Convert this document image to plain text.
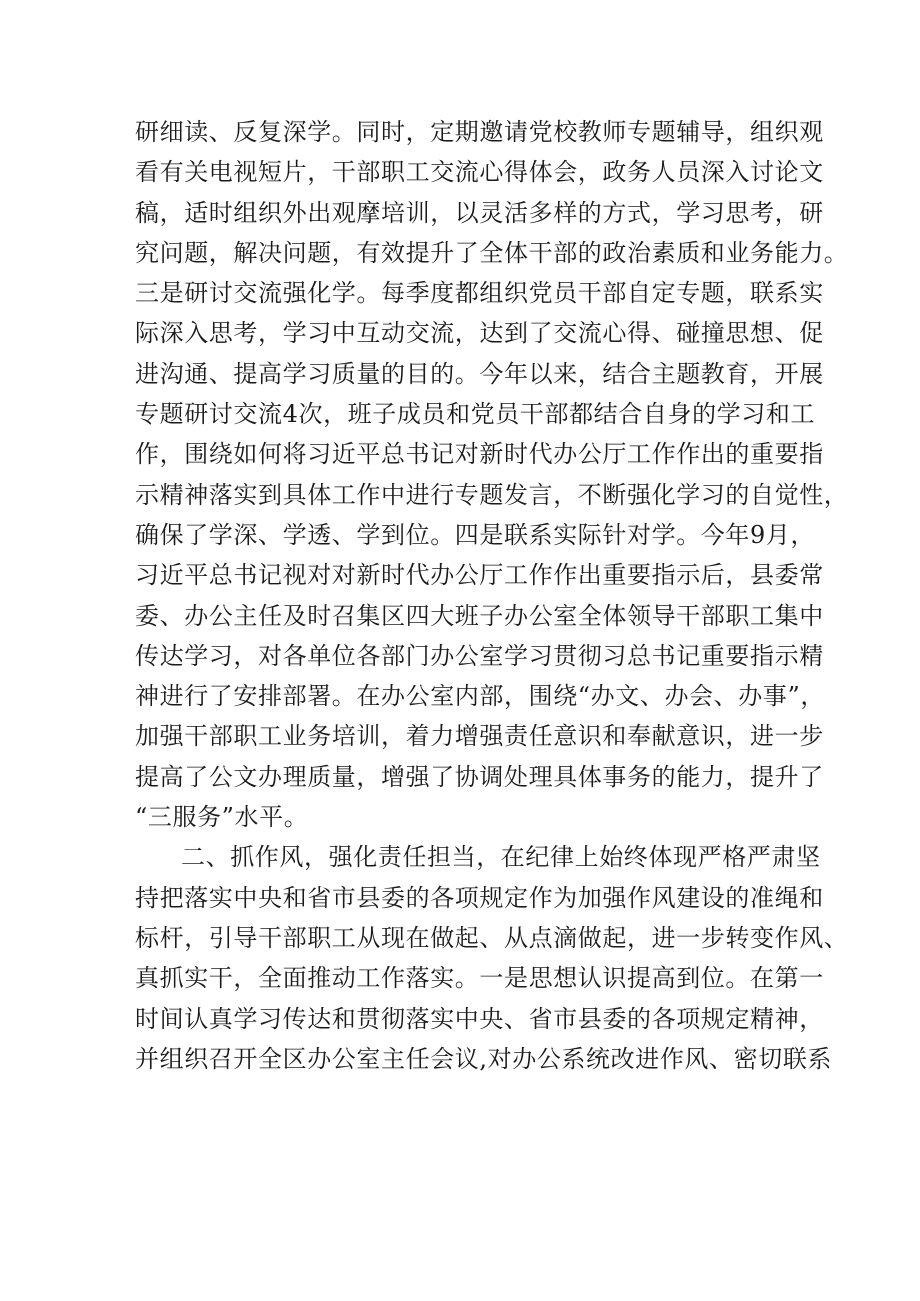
研细读、反复深学。同时，定期邀请党校教师专题辅导，组织观
看有关电视短片，干部职工交流心得体会，政务人员深入讨论文
稿，适时组织外出观摩培训，以灵活多样的方式，学习思考，研
究问题，解决问题，有效提升了全体干部的政治素质和业务能力。
三是研讨交流强化学。每季度都组织党员干部自定专题，联系实
际深入思考，学习中互动交流，达到了交流心得、碰撞思想、促
进沟通、提高学习质量的目的。今年以来，结合主题教育，开展
专题研讨交流4次，班子成员和党员干部都结合自身的学习和工
作，围绕如何将习近平总书记对新时代办公厅工作作出的重要指
示精神落实到具体工作中进行专题发言，不断强化学习的自觉性，
确保了学深、学透、学到位。四是联系实际针对学。今年9月，
习近平总书记视对对新时代办公厅工作作出重要指示后，县委常
委、办公主任及时召集区四大班子办公室全体领导干部职工集中
传达学习，对各单位各部门办公室学习贯彻习总书记重要指示精
神进行了安排部署。在办公室内部，围绕“办文、办会、办事”，
加强干部职工业务培训，着力增强责任意识和奉献意识，进一步
提高了公文办理质量，增强了协调处理具体事务的能力，提升了
“三服务”水平。
二、抓作风，强化责任担当，在纪律上始终体现严格严肃坚
持把落实中央和省市县委的各项规定作为加强作风建设的准绳和
标杆，引导干部职工从现在做起、从点滴做起，进一步转变作风、
真抓实干，全面推动工作落实。一是思想认识提高到位。在第一
时间认真学习传达和贯彻落实中央、省市县委的各项规定精神，
并组织召开全区办公室主任会议,对办公系统改进作风、密切联系
